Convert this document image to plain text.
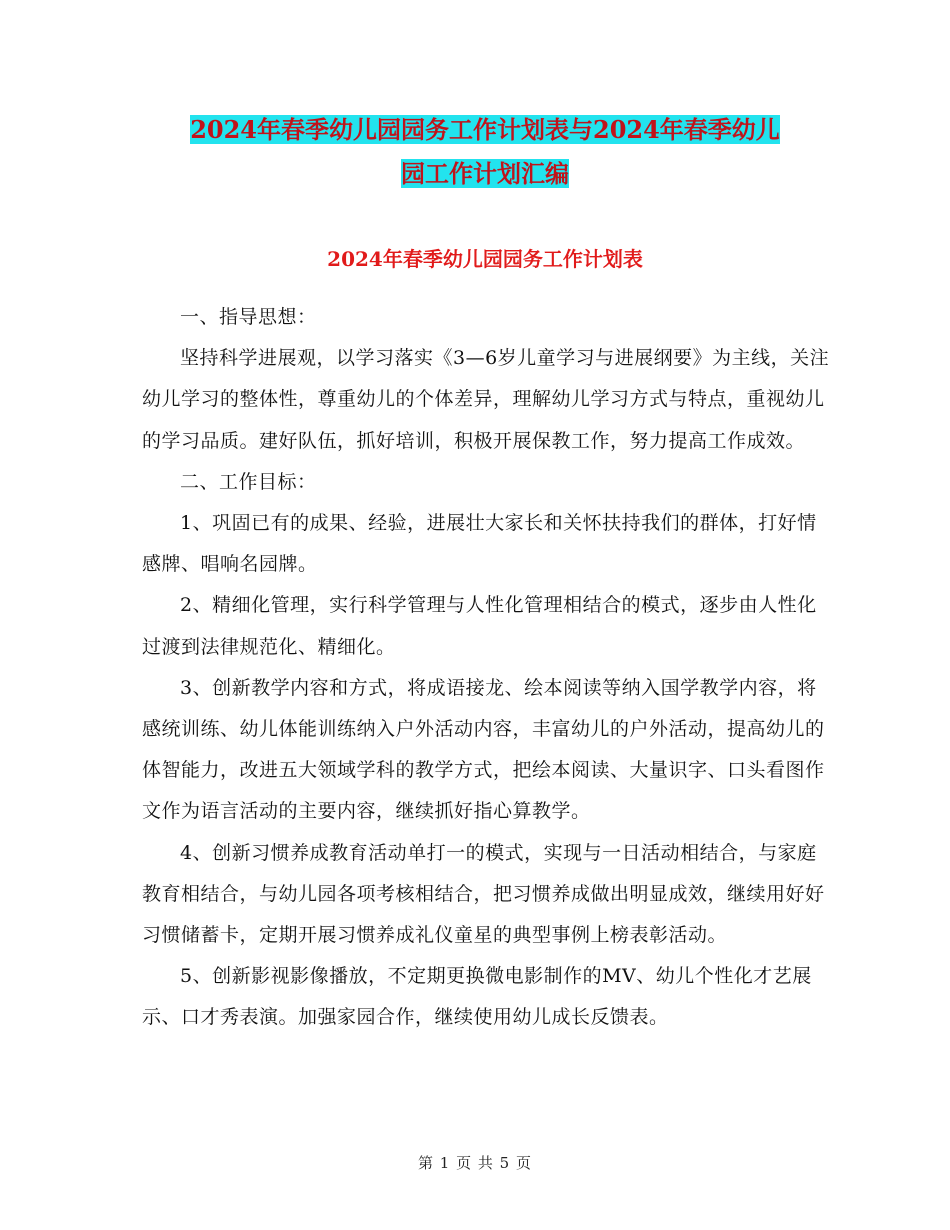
2024年春季幼儿园园务工作计划表与2024年春季幼儿
园工作计划汇编
2024年春季幼儿园园务工作计划表

一、指导思想：

坚持科学进展观，以学习落实《3—6岁儿童学习与进展纲要》为主线，关注幼儿学习的整体性，尊重幼儿的个体差异，理解幼儿学习方式与特点，重视幼儿的学习品质。建好队伍，抓好培训，积极开展保教工作，努力提高工作成效。

二、工作目标：

1、巩固已有的成果、经验，进展壮大家长和关怀扶持我们的群体，打好情感牌、唱响名园牌。

2、精细化管理，实行科学管理与人性化管理相结合的模式，逐步由人性化过渡到法律规范化、精细化。

3、创新教学内容和方式，将成语接龙、绘本阅读等纳入国学教学内容，将感统训练、幼儿体能训练纳入户外活动内容，丰富幼儿的户外活动，提高幼儿的体智能力，改进五大领域学科的教学方式，把绘本阅读、大量识字、口头看图作文作为语言活动的主要内容，继续抓好指心算教学。

4、创新习惯养成教育活动单打一的模式，实现与一日活动相结合，与家庭教育相结合，与幼儿园各项考核相结合，把习惯养成做出明显成效，继续用好好习惯储蓄卡，定期开展习惯养成礼仪童星的典型事例上榜表彰活动。

5、创新影视影像播放，不定期更换微电影制作的MV、幼儿个性化才艺展示、口才秀表演。加强家园合作，继续使用幼儿成长反馈表。

第 1 页 共 5 页
